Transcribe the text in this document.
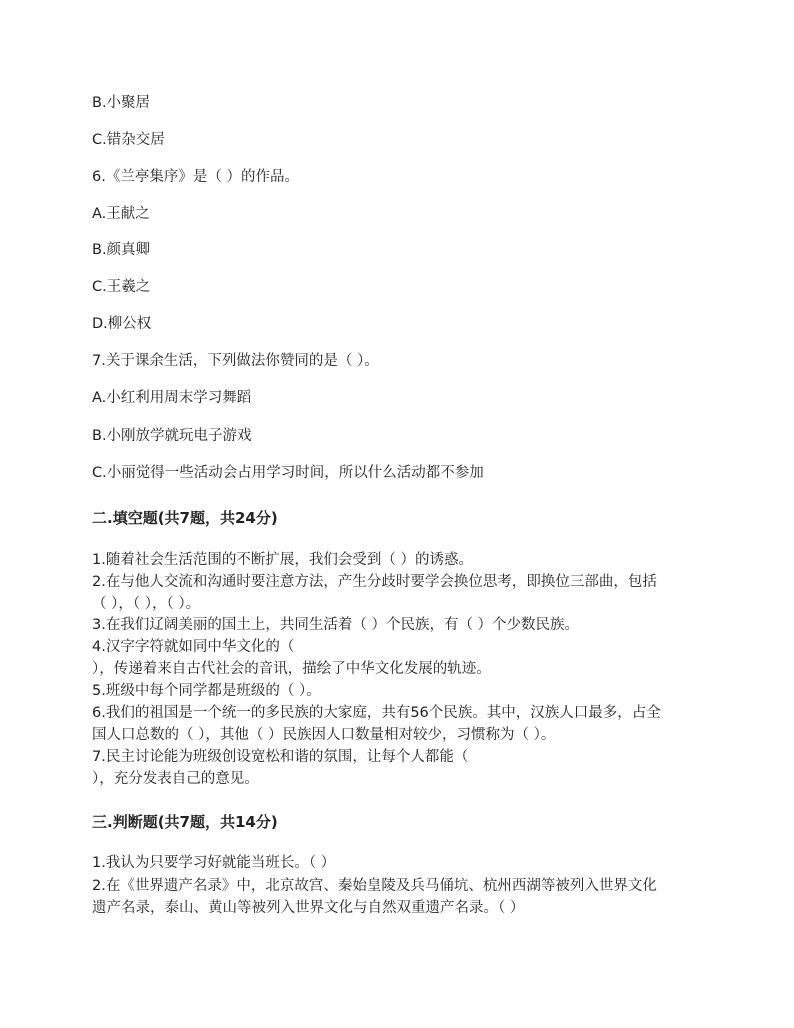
B.小聚居
C.错杂交居
6.《兰亭集序》是（ ）的作品。
A.王献之
B.颜真卿
C.王羲之
D.柳公权
7.关于课余生活，下列做法你赞同的是（ ）。
A.小红利用周末学习舞蹈
B.小刚放学就玩电子游戏
C.小丽觉得一些活动会占用学习时间，所以什么活动都不参加
二.填空题(共7题，共24分)
1.随着社会生活范围的不断扩展，我们会受到（ ）的诱惑。
2.在与他人交流和沟通时要注意方法，产生分歧时要学会换位思考，即换位三部曲，包括
（ ），（ ），（ ）。
3.在我们辽阔美丽的国土上，共同生活着（ ）个民族，有（ ）个少数民族。
4.汉字字符就如同中华文化的（
），传递着来自古代社会的音讯，描绘了中华文化发展的轨迹。
5.班级中每个同学都是班级的（ ）。
6.我们的祖国是一个统一的多民族的大家庭，共有56个民族。其中，汉族人口最多，占全
国人口总数的（ ），其他（ ）民族因人口数量相对较少，习惯称为（ ）。
7.民主讨论能为班级创设宽松和谐的氛围，让每个人都能（
），充分发表自己的意见。
三.判断题(共7题，共14分)
1.我认为只要学习好就能当班长。（ ）
2.在《世界遗产名录》中，北京故宫、秦始皇陵及兵马俑坑、杭州西湖等被列入世界文化
遗产名录，泰山、黄山等被列入世界文化与自然双重遗产名录。（ ）
